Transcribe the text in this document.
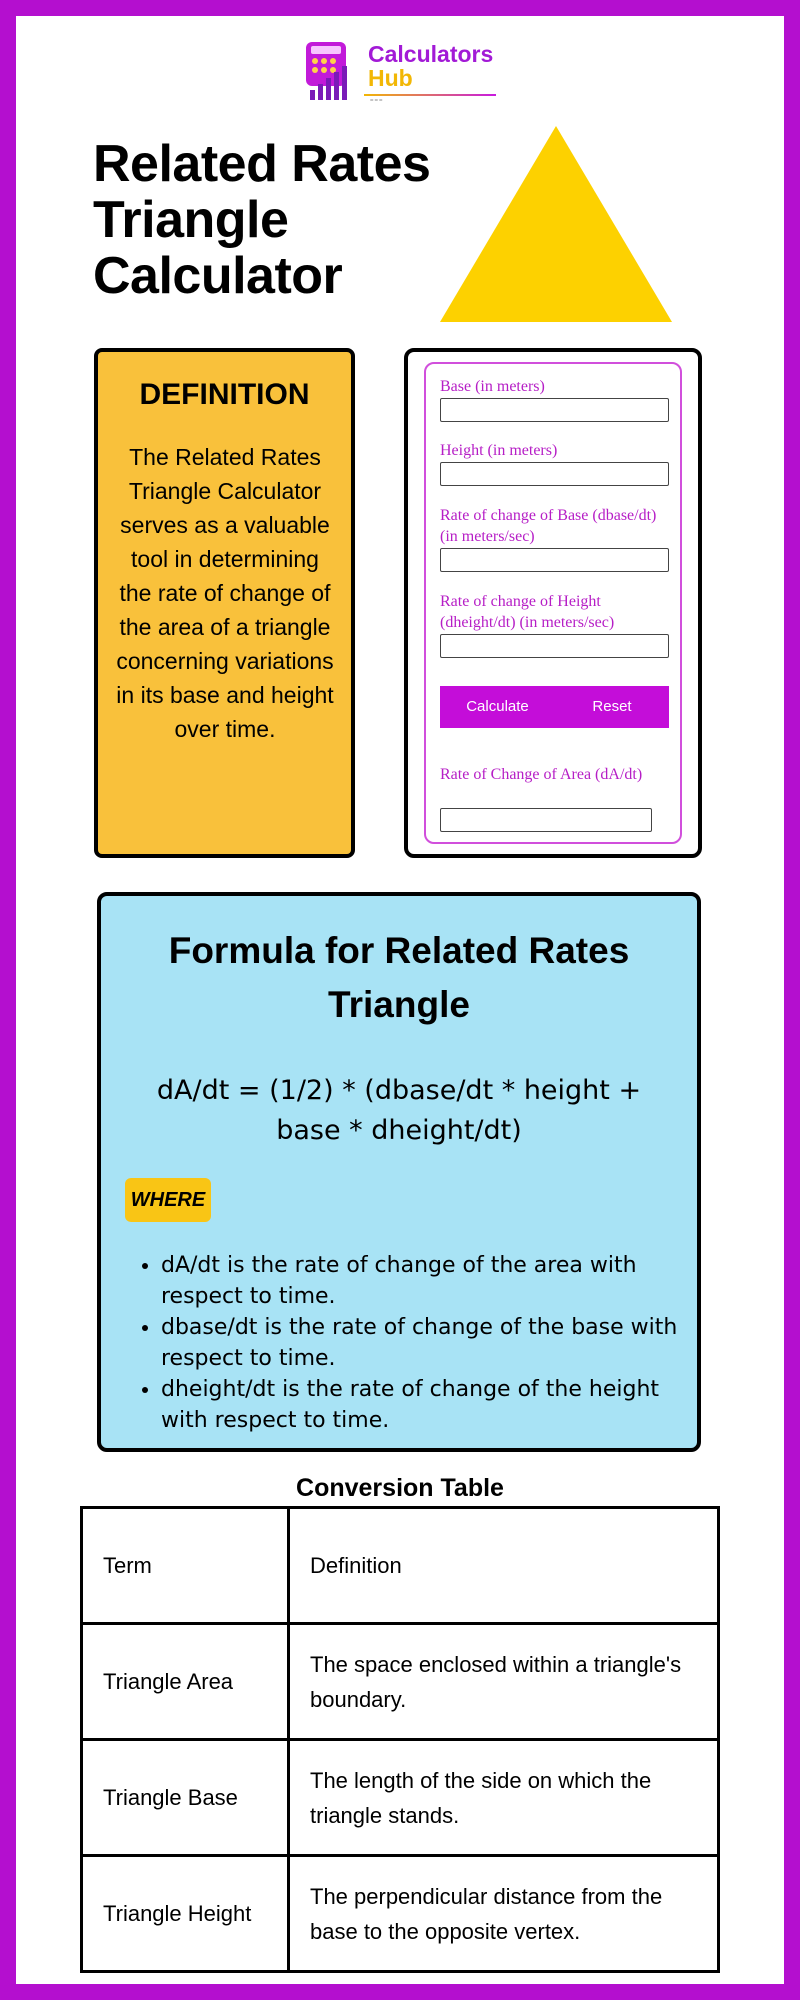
Calculators
Hub
===
Related Rates Triangle Calculator
DEFINITION
The Related Rates Triangle Calculator serves as a valuable tool in determining the rate of change of the area of a triangle concerning variations in its base and height over time.
Base (in meters)
Height (in meters)
Rate of change of Base (dbase/dt) (in meters/sec)
Rate of change of Height (dheight/dt) (in meters/sec)
Calculate	Reset
Rate of Change of Area (dA/dt)
Formula for Related Rates Triangle
dA/dt = (1/2) * (dbase/dt * height + base * dheight/dt)
WHERE
• dA/dt is the rate of change of the area with respect to time.
• dbase/dt is the rate of change of the base with respect to time.
• dheight/dt is the rate of change of the height with respect to time.
Conversion Table
Term	Definition
Triangle Area	The space enclosed within a triangle's boundary.
Triangle Base	The length of the side on which the triangle stands.
Triangle Height	The perpendicular distance from the base to the opposite vertex.
